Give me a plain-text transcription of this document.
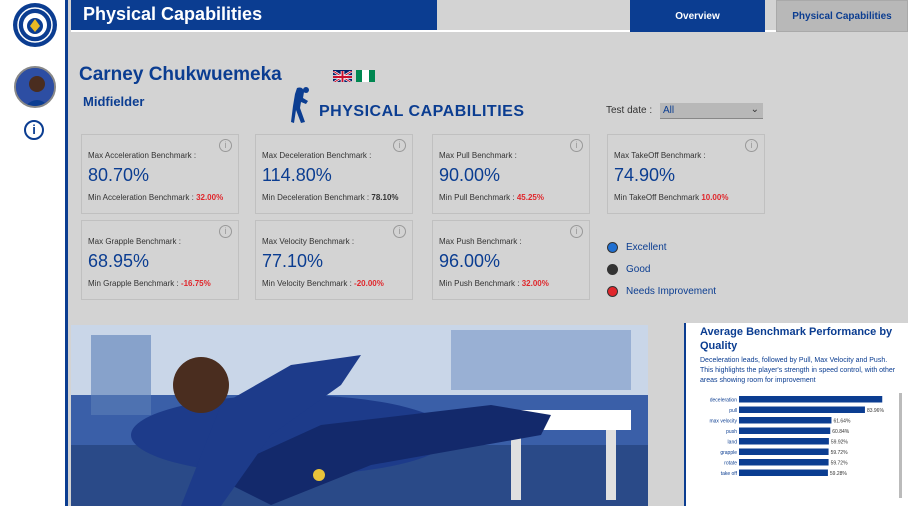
i
Physical Capabilities	Overview	Physical Capabilities
Carney Chukwuemeka
Midfielder
PHYSICAL CAPABILITIES	Test date :	All	⌄
i
Max Acceleration Benchmark :
80.70%
Min Acceleration Benchmark : 32.00%
i
Max Deceleration Benchmark :
114.80%
Min Deceleration Benchmark : 78.10%
i
Max Pull Benchmark :
90.00%
Min Pull Benchmark : 45.25%
i
Max TakeOff Benchmark :
74.90%
Min TakeOff Benchmark 10.00%
i
Max Grapple Benchmark :
68.95%
Min Grapple Benchmark : -16.75%
i
Max Velocity Benchmark :
77.10%
Min Velocity Benchmark : -20.00%
i
Max Push Benchmark :
96.00%
Min Push Benchmark : 32.00%
Excellent
Good
Needs Improvement
Average Benchmark Performance by Quality
Deceleration leads, followed by Pull, Max Velocity and Push. This highlights the player's strength in speed control, with other areas showing room for improvement
deceleration
pull	83.96%
max velocity	61.64%
push	60.84%
land	59.92%
grapple	59.72%
rotate	59.72%
take off	59.28%
